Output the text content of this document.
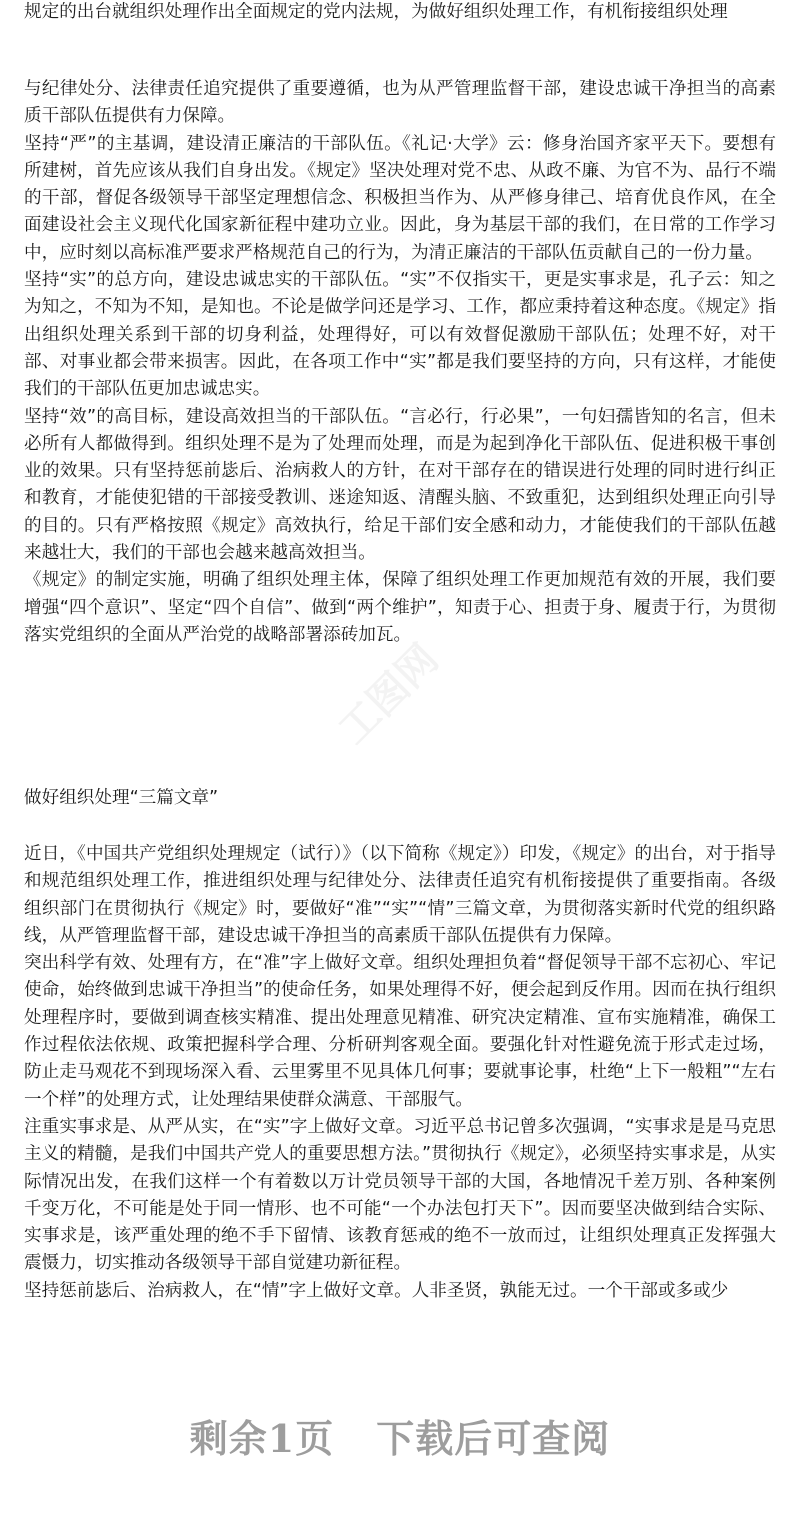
规定的出台就组织处理作出全面规定的党内法规，为做好组织处理工作，有机衔接组织处理

与纪律处分、法律责任追究提供了重要遵循，也为从严管理监督干部，建设忠诚干净担当的高素质干部队伍提供有力保障。

坚持“严”的主基调，建设清正廉洁的干部队伍。《礼记·大学》云：修身治国齐家平天下。要想有所建树，首先应该从我们自身出发。《规定》坚决处理对党不忠、从政不廉、为官不为、品行不端的干部，督促各级领导干部坚定理想信念、积极担当作为、从严修身律己、培育优良作风，在全面建设社会主义现代化国家新征程中建功立业。因此，身为基层干部的我们，在日常的工作学习中，应时刻以高标准严要求严格规范自己的行为，为清正廉洁的干部队伍贡献自己的一份力量。

坚持“实”的总方向，建设忠诚忠实的干部队伍。“实”不仅指实干，更是实事求是，孔子云：知之为知之，不知为不知，是知也。不论是做学问还是学习、工作，都应秉持着这种态度。《规定》指出组织处理关系到干部的切身利益，处理得好，可以有效督促激励干部队伍；处理不好，对干部、对事业都会带来损害。因此，在各项工作中“实”都是我们要坚持的方向，只有这样，才能使我们的干部队伍更加忠诚忠实。

坚持“效”的高目标，建设高效担当的干部队伍。“言必行，行必果”，一句妇孺皆知的名言，但未必所有人都做得到。组织处理不是为了处理而处理，而是为起到净化干部队伍、促进积极干事创业的效果。只有坚持惩前毖后、治病救人的方针，在对干部存在的错误进行处理的同时进行纠正和教育，才能使犯错的干部接受教训、迷途知返、清醒头脑、不致重犯，达到组织处理正向引导的目的。只有严格按照《规定》高效执行，给足干部们安全感和动力，才能使我们的干部队伍越来越壮大，我们的干部也会越来越高效担当。

《规定》的制定实施，明确了组织处理主体，保障了组织处理工作更加规范有效的开展，我们要增强“四个意识”、坚定“四个自信”、做到“两个维护”，知责于心、担责于身、履责于行，为贯彻落实党组织的全面从严治党的战略部署添砖加瓦。

做好组织处理“三篇文章”

近日，《中国共产党组织处理规定（试行）》（以下简称《规定》）印发，《规定》的出台，对于指导和规范组织处理工作，推进组织处理与纪律处分、法律责任追究有机衔接提供了重要指南。各级组织部门在贯彻执行《规定》时，要做好“准”“实”“情”三篇文章，为贯彻落实新时代党的组织路线，从严管理监督干部，建设忠诚干净担当的高素质干部队伍提供有力保障。

突出科学有效、处理有方，在“准”字上做好文章。组织处理担负着“督促领导干部不忘初心、牢记使命，始终做到忠诚干净担当”的使命任务，如果处理得不好，便会起到反作用。因而在执行组织处理程序时，要做到调查核实精准、提出处理意见精准、研究决定精准、宣布实施精准，确保工作过程依法依规、政策把握科学合理、分析研判客观全面。要强化针对性避免流于形式走过场，防止走马观花不到现场深入看、云里雾里不见具体几何事；要就事论事，杜绝“上下一般粗”“左右一个样”的处理方式，让处理结果使群众满意、干部服气。

注重实事求是、从严从实，在“实”字上做好文章。习近平总书记曾多次强调，“实事求是是马克思主义的精髓，是我们中国共产党人的重要思想方法。”贯彻执行《规定》，必须坚持实事求是，从实际情况出发，在我们这样一个有着数以万计党员领导干部的大国，各地情况千差万别、各种案例千变万化，不可能是处于同一情形、也不可能“一个办法包打天下”。因而要坚决做到结合实际、实事求是，该严重处理的绝不手下留情、该教育惩戒的绝不一放而过，让组织处理真正发挥强大震慑力，切实推动各级领导干部自觉建功新征程。

坚持惩前毖后、治病救人，在“情”字上做好文章。人非圣贤，孰能无过。一个干部或多或少

工图网
剩余1页 下载后可查阅
